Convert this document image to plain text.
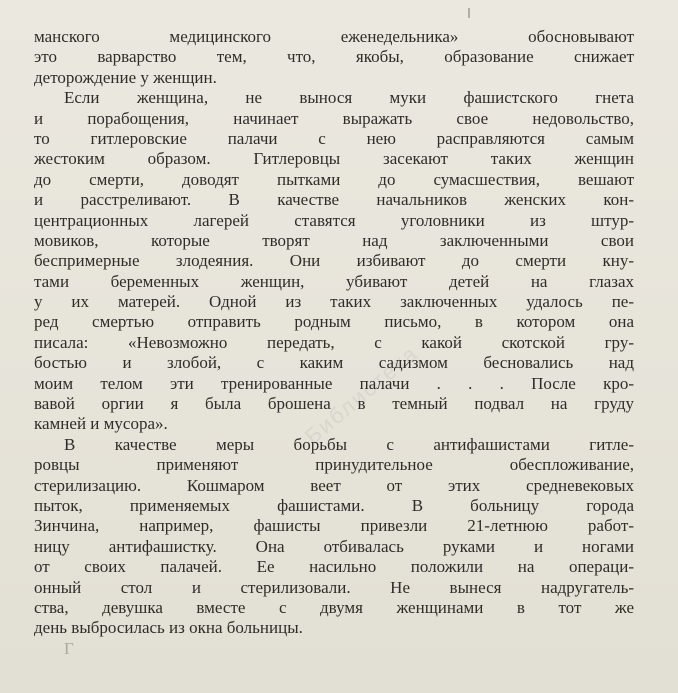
Библиотека
манского медицинского еженедельника» обосновывают
это варварство тем, что, якобы, образование снижает
деторождение у женщин.
Если женщина, не вынося муки фашистского гнета
и порабощения, начинает выражать свое недовольство,
то гитлеровские палачи с нею расправляются самым
жестоким образом. Гитлеровцы засекают таких женщин
до смерти, доводят пытками до сумасшествия, вешают
и расстреливают. В качестве начальников женских кон-
центрационных лагерей ставятся уголовники из штур-
мовиков, которые творят над заключенными свои
беспримерные злодеяния. Они избивают до смерти кну-
тами беременных женщин, убивают детей на глазах
у их матерей. Одной из таких заключенных удалось пе-
ред смертью отправить родным письмо, в котором она
писала: «Невозможно передать, с какой скотской гру-
бостью и злобой, с каким садизмом бесновались над
моим телом эти тренированные палачи . . . После кро-
вавой оргии я была брошена в темный подвал на груду
камней и мусора».
В качестве меры борьбы с антифашистами гитле-
ровцы применяют принудительное обеспложивание,
стерилизацию. Кошмаром веет от этих средневековых
пыток, применяемых фашистами. В больницу города
Зинчина, например, фашисты привезли 21-летнюю работ-
ницу антифашистку. Она отбивалась руками и ногами
от своих палачей. Ее насильно положили на операци-
онный стол и стерилизовали. Не вынеся надругатель-
ства, девушка вместе с двумя женщинами в тот же
день выбросилась из окна больницы.
Г
